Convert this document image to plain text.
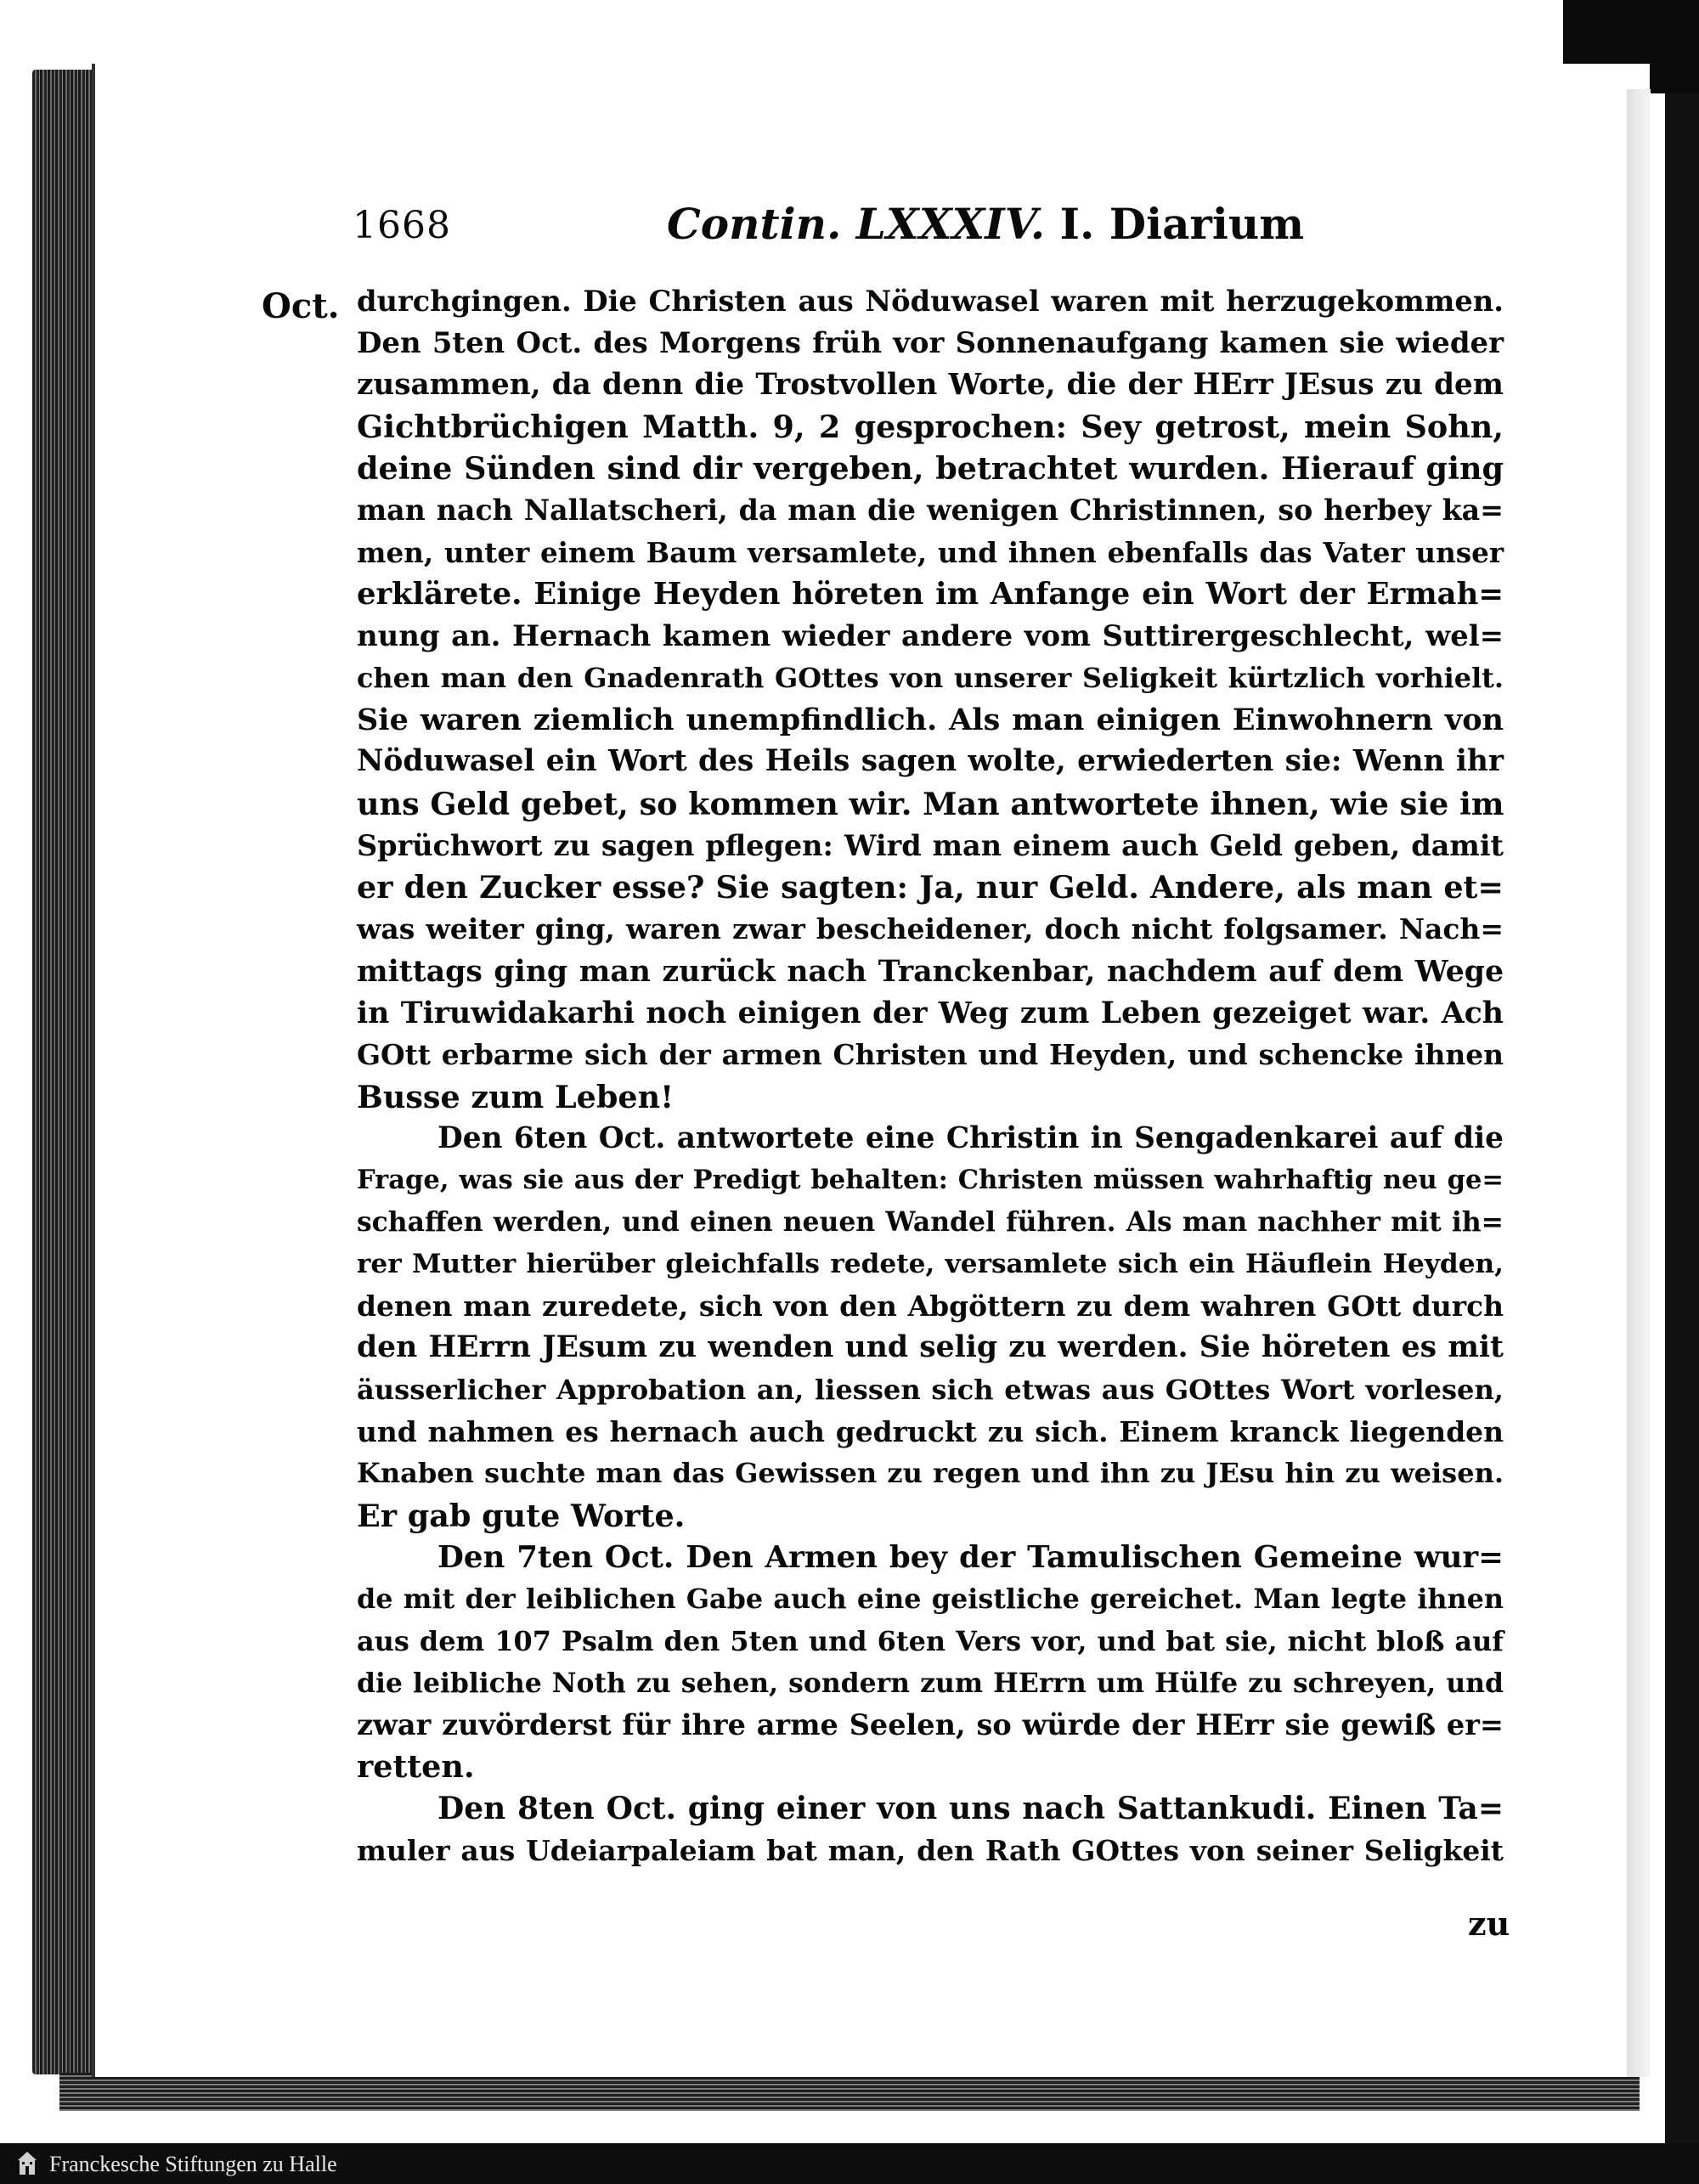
1668	Contin. LXXXIV. I. Diarium
Oct. durchgingen. Die Christen aus Nöduwasel waren mit herzugekommen.
Den 5ten Oct. des Morgens früh vor Sonnenaufgang kamen sie wieder
zusammen, da denn die Trostvollen Worte, die der HErr JEsus zu dem
Gichtbrüchigen Matth. 9, 2 gesprochen: Sey getrost, mein Sohn,
deine Sünden sind dir vergeben, betrachtet wurden. Hierauf ging
man nach Nallatscheri, da man die wenigen Christinnen, so herbey ka=
men, unter einem Baum versamlete, und ihnen ebenfalls das Vater unser
erklärete. Einige Heyden höreten im Anfange ein Wort der Ermah=
nung an. Hernach kamen wieder andere vom Suttirergeschlecht, wel=
chen man den Gnadenrath GOttes von unserer Seligkeit kürtzlich vorhielt.
Sie waren ziemlich unempfindlich. Als man einigen Einwohnern von
Nöduwasel ein Wort des Heils sagen wolte, erwiederten sie: Wenn ihr
uns Geld gebet, so kommen wir. Man antwortete ihnen, wie sie im
Sprüchwort zu sagen pflegen: Wird man einem auch Geld geben, damit
er den Zucker esse? Sie sagten: Ja, nur Geld. Andere, als man et=
was weiter ging, waren zwar bescheidener, doch nicht folgsamer. Nach=
mittags ging man zurück nach Tranckenbar, nachdem auf dem Wege
in Tiruwidakarhi noch einigen der Weg zum Leben gezeiget war. Ach
GOtt erbarme sich der armen Christen und Heyden, und schencke ihnen
Busse zum Leben!
Den 6ten Oct. antwortete eine Christin in Sengadenkarei auf die
Frage, was sie aus der Predigt behalten: Christen müssen wahrhaftig neu ge=
schaffen werden, und einen neuen Wandel führen. Als man nachher mit ih=
rer Mutter hierüber gleichfalls redete, versamlete sich ein Häuflein Heyden,
denen man zuredete, sich von den Abgöttern zu dem wahren GOtt durch
den HErrn JEsum zu wenden und selig zu werden. Sie höreten es mit
äusserlicher Approbation an, liessen sich etwas aus GOttes Wort vorlesen,
und nahmen es hernach auch gedruckt zu sich. Einem kranck liegenden
Knaben suchte man das Gewissen zu regen und ihn zu JEsu hin zu weisen.
Er gab gute Worte.
Den 7ten Oct. Den Armen bey der Tamulischen Gemeine wur=
de mit der leiblichen Gabe auch eine geistliche gereichet. Man legte ihnen
aus dem 107 Psalm den 5ten und 6ten Vers vor, und bat sie, nicht bloß auf
die leibliche Noth zu sehen, sondern zum HErrn um Hülfe zu schreyen, und
zwar zuvörderst für ihre arme Seelen, so würde der HErr sie gewiß er=
retten.
Den 8ten Oct. ging einer von uns nach Sattankudi. Einen Ta=
muler aus Udeiarpaleiam bat man, den Rath GOttes von seiner Seligkeit
zu
Franckesche Stiftungen zu Halle
